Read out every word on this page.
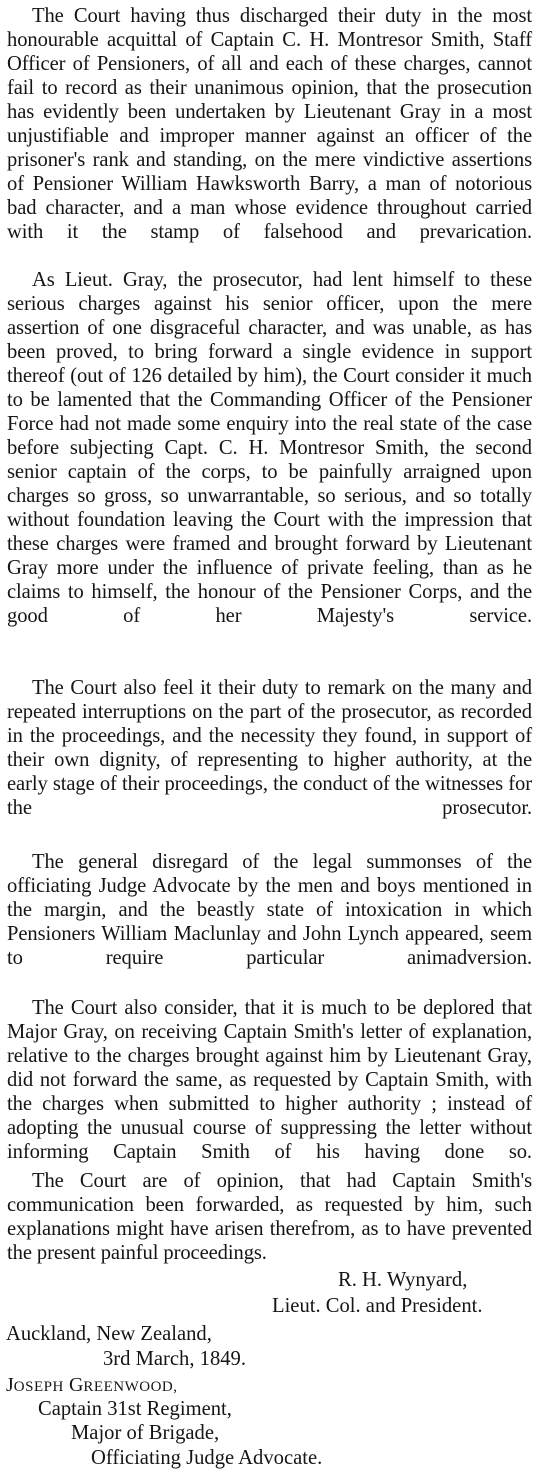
The Court having thus discharged their duty in the most honourable acquittal of Captain C. H. Montresor Smith, Staff Officer of Pensioners, of all and each of these charges, cannot fail to record as their unanimous opinion, that the prosecution has evidently been undertaken by Lieutenant Gray in a most unjustifiable and improper manner against an officer of the prisoner's rank and standing, on the mere vindictive assertions of Pensioner William Hawksworth Barry, a man of notorious bad character, and a man whose evidence throughout carried with it the stamp of falsehood and prevarication.

As Lieut. Gray, the prosecutor, had lent himself to these serious charges against his senior officer, upon the mere assertion of one disgraceful character, and was unable, as has been proved, to bring forward a single evidence in support thereof (out of 126 detailed by him), the Court consider it much to be lamented that the Commanding Officer of the Pensioner Force had not made some enquiry into the real state of the case before subjecting Capt. C. H. Montresor Smith, the second senior captain of the corps, to be painfully arraigned upon charges so gross, so unwarrantable, so serious, and so totally without foundation leaving the Court with the impression that these charges were framed and brought forward by Lieutenant Gray more under the influence of private feeling, than as he claims to himself, the honour of the Pensioner Corps, and the good of her Majesty's service.

The Court also feel it their duty to remark on the many and repeated interruptions on the part of the prosecutor, as recorded in the proceedings, and the necessity they found, in support of their own dignity, of representing to higher authority, at the early stage of their proceedings, the conduct of the witnesses for the prosecutor.

The general disregard of the legal summonses of the officiating Judge Advocate by the men and boys mentioned in the margin, and the beastly state of intoxication in which Pensioners William Maclunlay and John Lynch appeared, seem to require particular animadversion.

The Court also consider, that it is much to be deplored that Major Gray, on receiving Captain Smith's letter of explanation, relative to the charges brought against him by Lieutenant Gray, did not forward the same, as requested by Captain Smith, with the charges when submitted to higher authority ; instead of adopting the unusual course of suppressing the letter without informing Captain Smith of his having done so.

The Court are of opinion, that had Captain Smith's communication been forwarded, as requested by him, such explanations might have arisen therefrom, as to have prevented the present painful proceedings.

R. H. Wynyard,
Lieut. Col. and President.
Auckland, New Zealand,
3rd March, 1849.
JOSEPH GREENWOOD,
Captain 31st Regiment,
Major of Brigade,
Officiating Judge Advocate.
